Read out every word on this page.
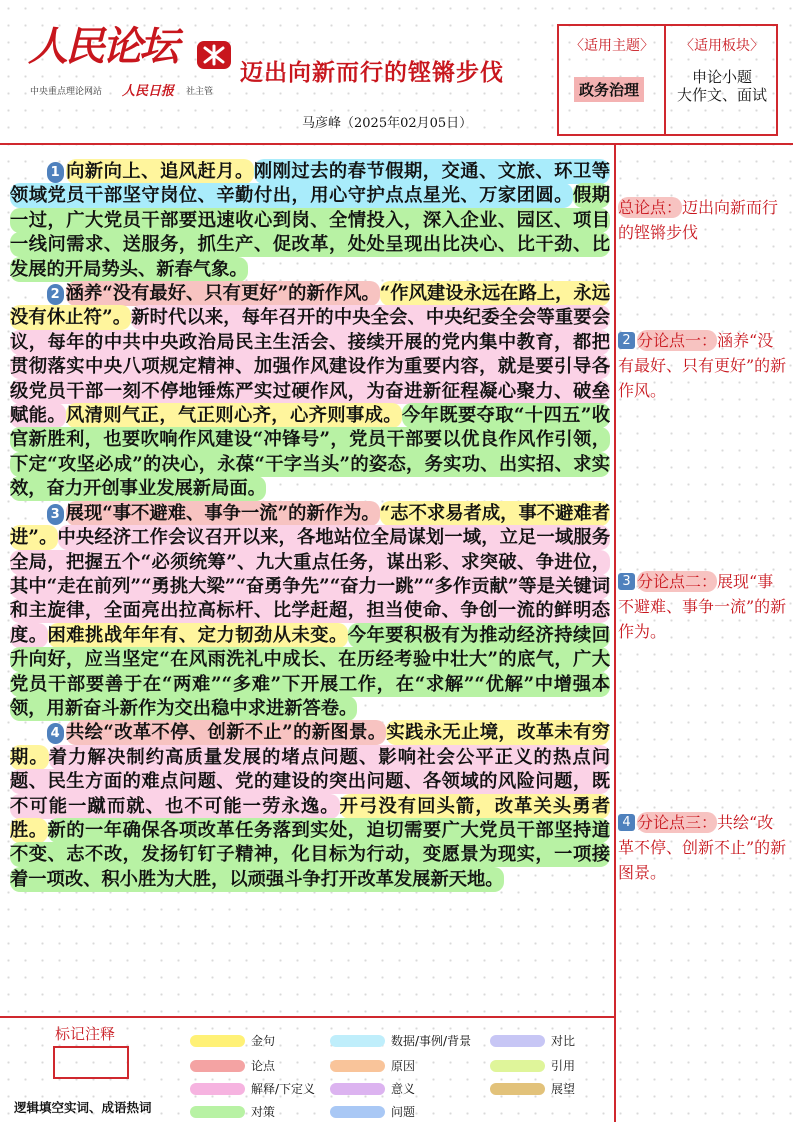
人民论坛
中央重点理论网站 人民日报 社主管
迈出向新而行的铿锵步伐
马彦峰（2025年02月05日）
〈适用主题〉	〈适用板块〉
政务治理
申论小题
大作文、面试

1 向新向上、追风赶月。刚刚过去的春节假期，交通、文旅、环卫等领域党员干部坚守岗位、辛勤付出，用心守护点点星光、万家团圆。假期一过，广大党员干部要迅速收心到岗、全情投入，深入企业、园区、项目一线问需求、送服务，抓生产、促改革，处处呈现出比决心、比干劲、比发展的开局势头、新春气象。

2 涵养“没有最好、只有更好”的新作风。“作风建设永远在路上，永远没有休止符”。新时代以来，每年召开的中央全会、中央纪委全会等重要会议，每年的中共中央政治局民主生活会、接续开展的党内集中教育，都把贯彻落实中央八项规定精神、加强作风建设作为重要内容，就是要引导各级党员干部一刻不停地锤炼严实过硬作风，为奋进新征程凝心聚力、破垒赋能。风清则气正，气正则心齐，心齐则事成。今年既要夺取“十四五”收官新胜利，也要吹响作风建设“冲锋号”，党员干部要以优良作风作引领，下定“攻坚必成”的决心，永葆“干字当头”的姿态，务实功、出实招、求实效，奋力开创事业发展新局面。

3 展现“事不避难、事争一流”的新作为。“志不求易者成，事不避难者进”。中央经济工作会议召开以来，各地站位全局谋划一域，立足一域服务全局，把握五个“必须统筹”、九大重点任务，谋出彩、求突破、争进位，其中“走在前列”“勇挑大梁”“奋勇争先”“奋力一跳”“多作贡献”等是关键词和主旋律，全面亮出拉高标杆、比学赶超，担当使命、争创一流的鲜明态度。困难挑战年年有、定力韧劲从未变。今年要积极有为推动经济持续回升向好，应当坚定“在风雨洗礼中成长、在历经考验中壮大”的底气，广大党员干部要善于在“两难”“多难”下开展工作，在“求解”“优解”中增强本领，用新奋斗新作为交出稳中求进新答卷。

4 共绘“改革不停、创新不止”的新图景。实践永无止境，改革未有穷期。着力解决制约高质量发展的堵点问题、影响社会公平正义的热点问题、民生方面的难点问题、党的建设的突出问题、各领域的风险问题，既不可能一蹴而就、也不可能一劳永逸。开弓没有回头箭，改革关头勇者胜。新的一年确保各项改革任务落到实处，迫切需要广大党员干部坚持道不变、志不改，发扬钉钉子精神，化目标为行动，变愿景为现实，一项接着一项改、积小胜为大胜，以顽强斗争打开改革发展新天地。

总论点：迈出向新而行的铿锵步伐
2 分论点一：涵养“没有最好、只有更好”的新作风。
3 分论点二：展现“事不避难、事争一流”的新作为。
4 分论点三：共绘“改革不停、创新不止”的新图景。
标记注释
逻辑填空实词、成语热词
金句
论点
解释/下定义
对策
数据/事例/背景
原因
意义
问题
对比
引用
展望
